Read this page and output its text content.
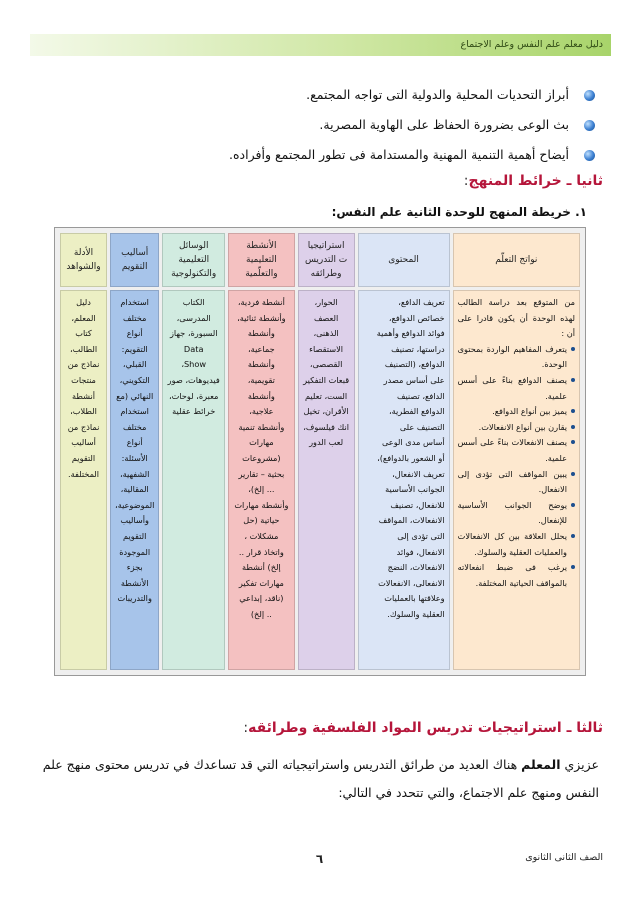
دليل معلم علم النفس وعلم الاجتماع
أبراز التحديات المحلية والدولية التى تواجه المجتمع.
بث الوعى بضرورة الحفاظ على الهاوية المصرية.
أيضاح أهمية التنمية المهنية والمستدامة فى تطور المجتمع وأفراده.
ثانيا ـ خرائط المنهج:
١. خريطة المنهج للوحدة الثانية علم النفس:
نواتج التعلّم
من المتوقع بعد دراسة الطالب لهذه الوحدة أن يكون قادرا على أن :
يتعرف المفاهيم الواردة بمحتوى الوحدة.
يصنف الدوافع بناءً على أسس علمية.
يميز بين أنواع الدوافع.
يقارن بين أنواع الانفعالات.
يصنف الانفعالات بناءً على أسس علمية.
يبين المواقف التى تؤدى إلى الانفعال.
يوضح الجوانب الأساسية للإنفعال.
يحلل العلاقة بين كل الانفعالات والعمليات العقلية والسلوك.
يرغب فى ضبط انفعالاته بالمواقف الحياتية المختلفة.
المحتوى
تعريف الدافع،
خصائص الدوافع،
فوائد الدوافع وأهمية
دراستها، تصنيف
الدوافع، (التصنيف
على أساس مصدر
الدافع، تصنيف
الدوافع الفطرية،
التصنيف على
أساس مدى الوعى
أو الشعور بالدوافع)،
تعريف الانفعال،
الجوانب الأساسية
للانفعال، تصنيف
الانفعالات، المواقف
التى تؤدى إلى
الانفعال، فوائد
الانفعالات، النضج
الانفعالى، الانفعالات
وعلاقتها بالعمليات
العقلية والسلوك.
استراتيجيا
ت التدريس
وطرائقه
الحوار،
العصف
الذهنى،
الاستقصاء
القصصى،
قبعات التفكير
الست، تعليم
الأقران، تخيل
انك فيلسوف،
لعب الدور
الأنشطة
التعليمية
والتعلّمية
أنشطة فردية،
وأنشطة ثنائية،
وأنشطة
جماعية،
وأنشطة
تقويمية،
وأنشطة
علاجية،
وأنشطة تنمية
مهارات
(مشروعات
بحثية – تقارير
... إلخ)،
وأنشطة مهارات
حياتية (حل
مشكلات ،
واتخاذ قرار ..
إلخ) أنشطة
مهارات تفكير
(ناقد، إبداعي
.. إلخ)
الوسائل
التعليمية
والتكنولوجية
الكتاب
المدرسى،
السبورة، جهاز
Data
Show،
فيديوهات، صور
معبرة، لوحات،
خرائط عقلية
أساليب
التقويم
استخدام
مختلف أنواع
التقويم:
القبلي،
التكويني،
النهائي (مع
استخدام
مختلف أنواع
الأسئلة:
الشفهية،
المقالية،
الموضوعية،
وأساليب
التقويم
الموجودة
بجزء
الأنشطة
والتدريبات
الأدلة
والشواهد
دليل
المعلم،
كتاب
الطالب،
نماذج من
منتجات
أنشطة
الطلاب،
نماذج من
أساليب
التقويم
المختلفة.
ثالثا ـ استراتيجيات تدريس المواد الفلسفية وطرائقه:
عزيزي المعلم هناك العديد من طرائق التدريس واستراتيجياته التي قد تساعدك في تدريس محتوى منهج علم النفس ومنهج علم الاجتماع، والتي تتحدد في التالي:
٦	الصف الثانى الثانوى
